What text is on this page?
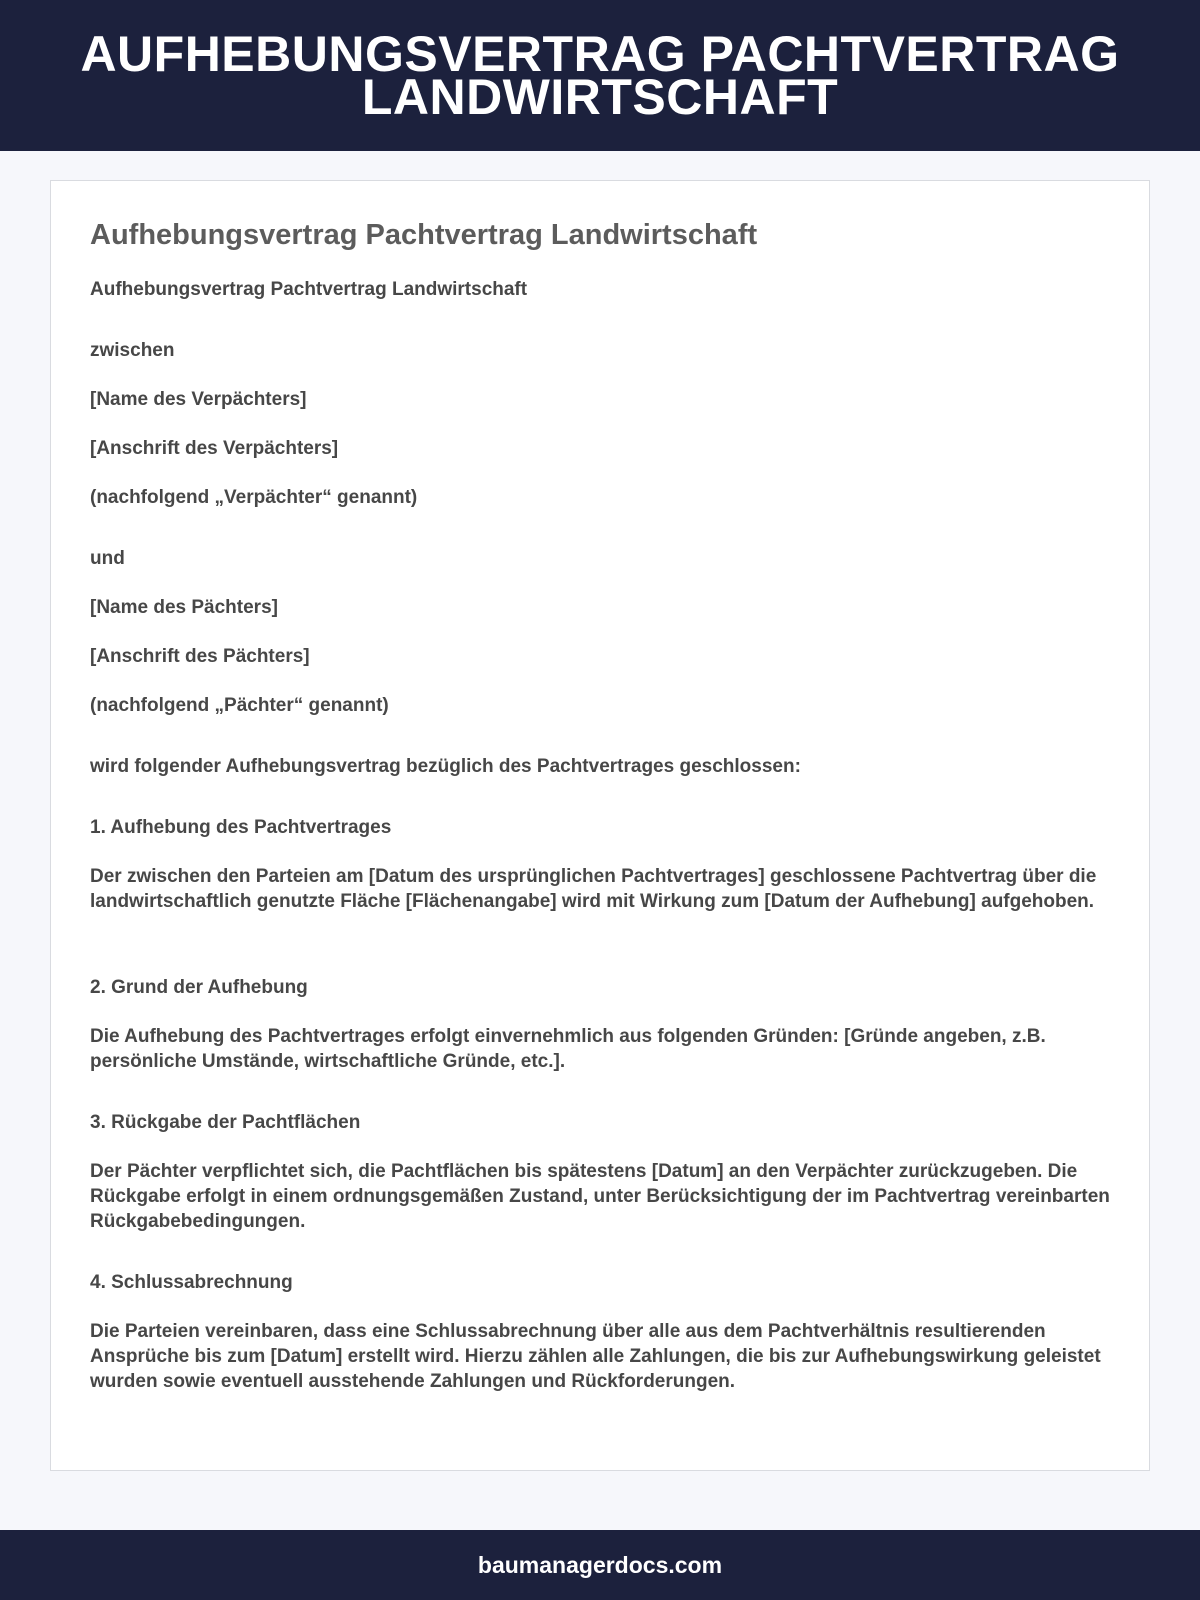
AUFHEBUNGSVERTRAG PACHTVERTRAG LANDWIRTSCHAFT
Aufhebungsvertrag Pachtvertrag Landwirtschaft

Aufhebungsvertrag Pachtvertrag Landwirtschaft

zwischen

[Name des Verpächters]

[Anschrift des Verpächters]

(nachfolgend „Verpächter“ genannt)

und

[Name des Pächters]

[Anschrift des Pächters]

(nachfolgend „Pächter“ genannt)

wird folgender Aufhebungsvertrag bezüglich des Pachtvertrages geschlossen:

1. Aufhebung des Pachtvertrages

Der zwischen den Parteien am [Datum des ursprünglichen Pachtvertrages] geschlossene Pachtvertrag über die landwirtschaftlich genutzte Fläche [Flächenangabe] wird mit Wirkung zum [Datum der Aufhebung] aufgehoben.

2. Grund der Aufhebung

Die Aufhebung des Pachtvertrages erfolgt einvernehmlich aus folgenden Gründen: [Gründe angeben, z.B. persönliche Umstände, wirtschaftliche Gründe, etc.].

3. Rückgabe der Pachtflächen

Der Pächter verpflichtet sich, die Pachtflächen bis spätestens [Datum] an den Verpächter zurückzugeben. Die Rückgabe erfolgt in einem ordnungsgemäßen Zustand, unter Berücksichtigung der im Pachtvertrag vereinbarten Rückgabebedingungen.

4. Schlussabrechnung

Die Parteien vereinbaren, dass eine Schlussabrechnung über alle aus dem Pachtverhältnis resultierenden Ansprüche bis zum [Datum] erstellt wird. Hierzu zählen alle Zahlungen, die bis zur Aufhebungswirkung geleistet wurden sowie eventuell ausstehende Zahlungen und Rückforderungen.

baumanagerdocs.com
